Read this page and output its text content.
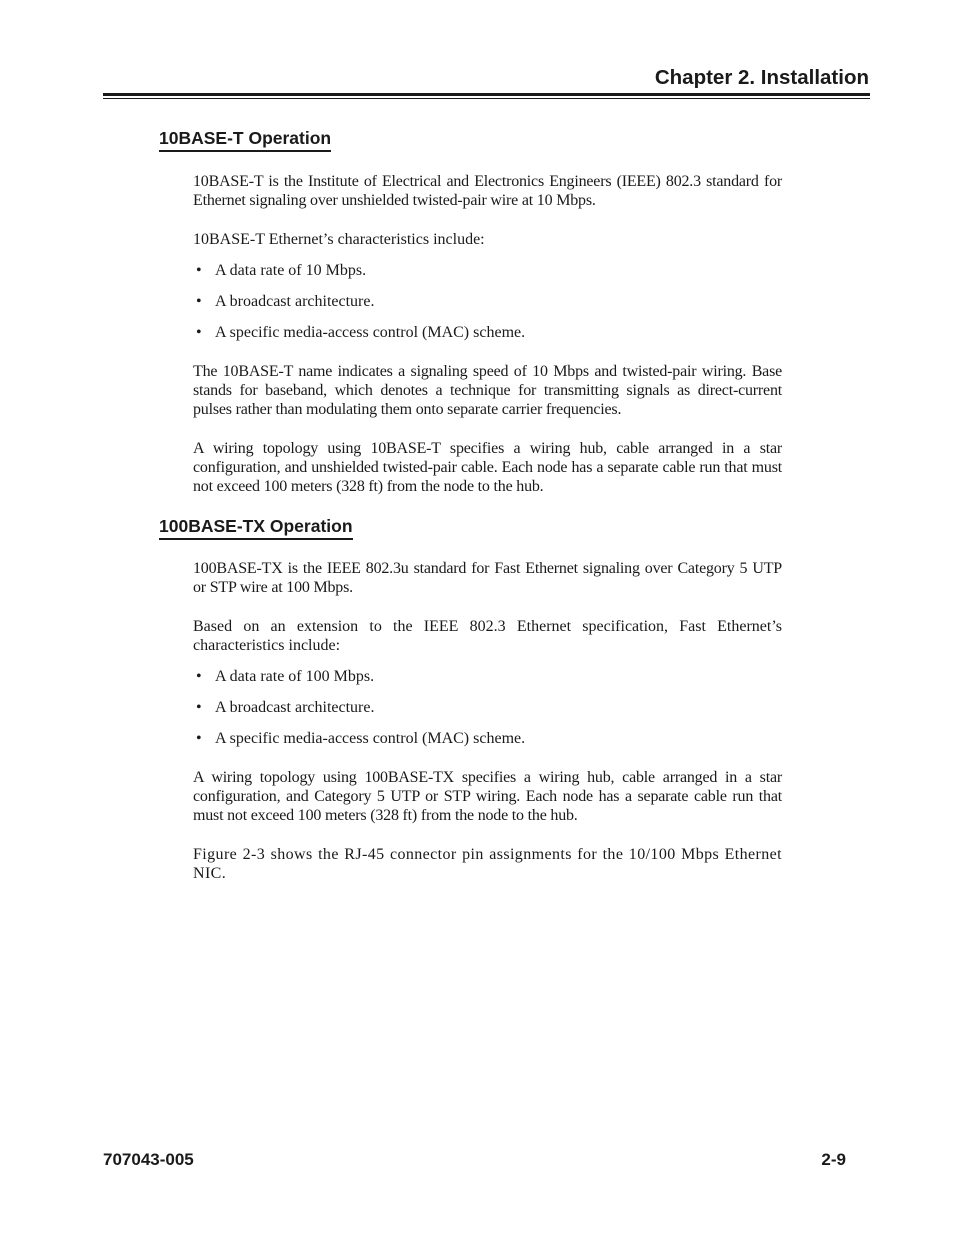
Chapter 2. Installation
10BASE-T Operation

10BASE-T is the Institute of Electrical and Electronics Engineers (IEEE) 802.3 standard for Ethernet signaling over unshielded twisted-pair wire at 10 Mbps.

10BASE-T Ethernet’s characteristics include:

• A data rate of 10 Mbps.
• A broadcast architecture.
• A specific media-access control (MAC) scheme.

The 10BASE-T name indicates a signaling speed of 10 Mbps and twisted-pair wiring. Base stands for baseband, which denotes a technique for transmitting signals as direct-current pulses rather than modulating them onto separate carrier frequencies.

A wiring topology using 10BASE-T specifies a wiring hub, cable arranged in a star configuration, and unshielded twisted-pair cable. Each node has a separate cable run that must not exceed 100 meters (328 ft) from the node to the hub.

100BASE-TX Operation

100BASE-TX is the IEEE 802.3u standard for Fast Ethernet signaling over Category 5 UTP or STP wire at 100 Mbps.

Based on an extension to the IEEE 802.3 Ethernet specification, Fast Ethernet’s characteristics include:

• A data rate of 100 Mbps.
• A broadcast architecture.
• A specific media-access control (MAC) scheme.

A wiring topology using 100BASE-TX specifies a wiring hub, cable arranged in a star configuration, and Category 5 UTP or STP wiring. Each node has a separate cable run that must not exceed 100 meters (328 ft) from the node to the hub.

Figure 2-3 shows the RJ-45 connector pin assignments for the 10/100 Mbps Ethernet NIC.

707043-005	2-9
